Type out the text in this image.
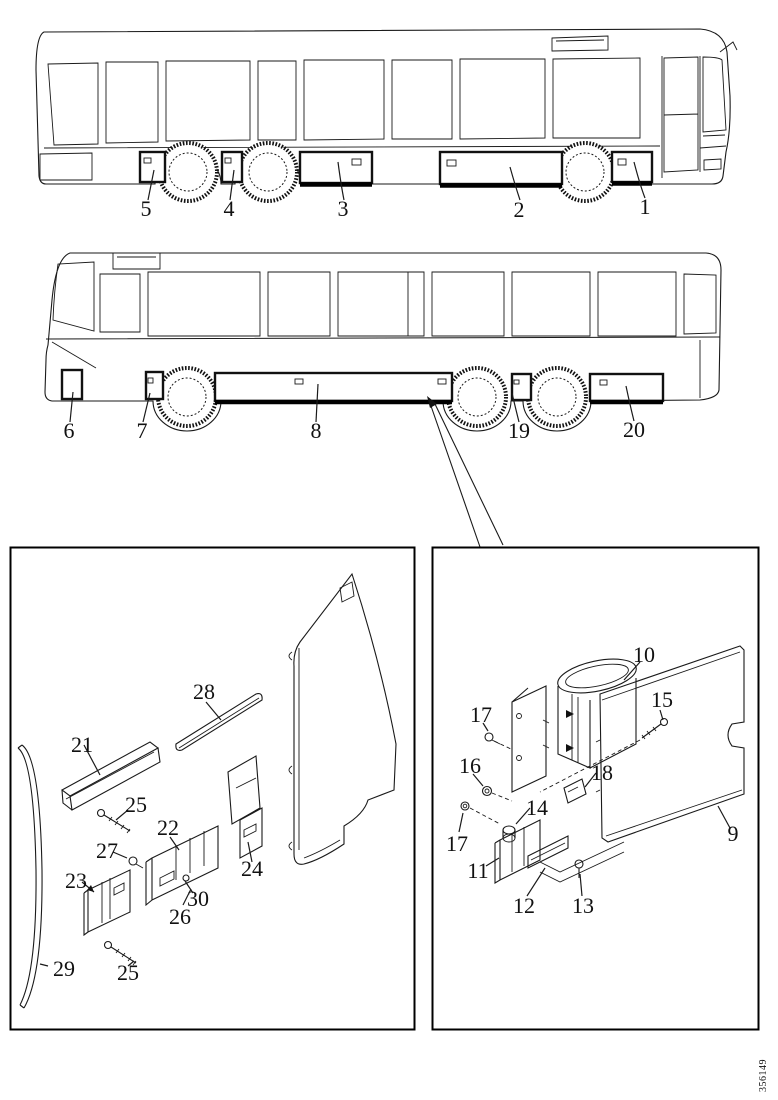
5	4	3	2	1
6	7	8	19	20
21
28
25
22
27
23	24
30
26
25
29
10
15
17
16
17
18
14
11
12 13
9
356149
